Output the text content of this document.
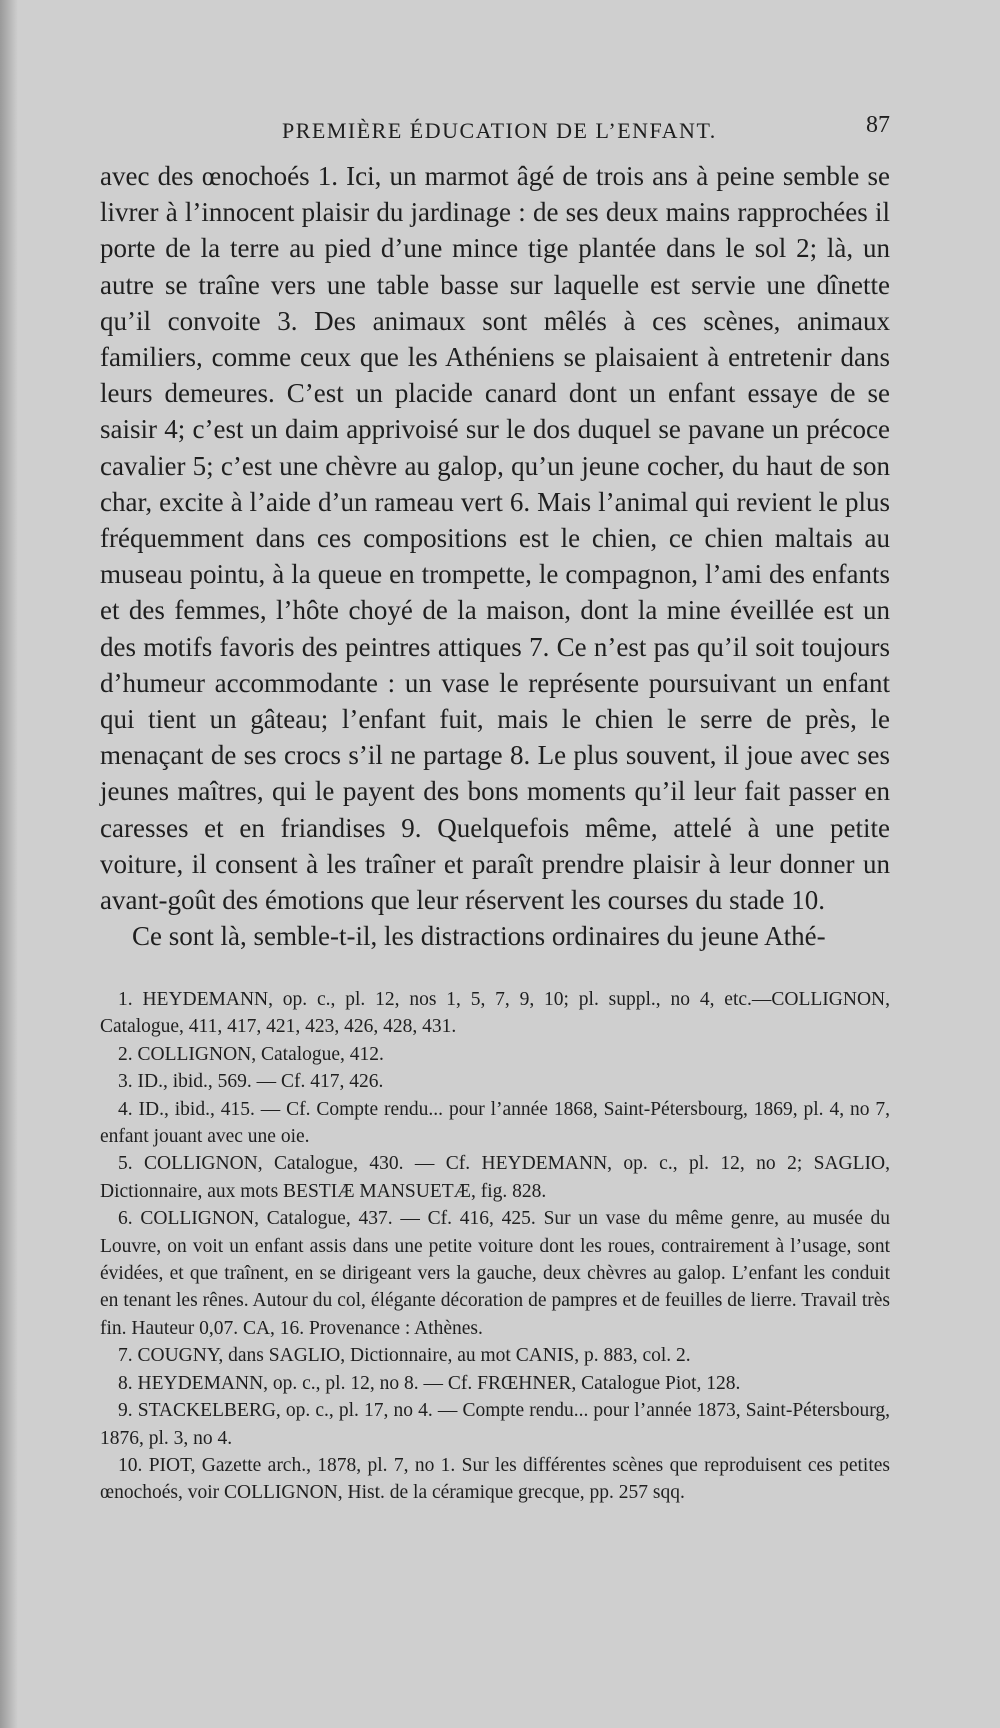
PREMIÈRE ÉDUCATION DE L’ENFANT.	87

avec des œnochoés 1. Ici, un marmot âgé de trois ans à peine semble se livrer à l’innocent plaisir du jardinage : de ses deux mains rapprochées il porte de la terre au pied d’une mince tige plantée dans le sol 2; là, un autre se traîne vers une table basse sur laquelle est servie une dînette qu’il convoite 3. Des animaux sont mêlés à ces scènes, animaux familiers, comme ceux que les Athéniens se plaisaient à entretenir dans leurs demeures. C’est un placide canard dont un enfant essaye de se saisir 4; c’est un daim apprivoisé sur le dos duquel se pavane un précoce cavalier 5; c’est une chèvre au galop, qu’un jeune cocher, du haut de son char, excite à l’aide d’un rameau vert 6. Mais l’animal qui revient le plus fréquemment dans ces compositions est le chien, ce chien maltais au museau pointu, à la queue en trompette, le compagnon, l’ami des enfants et des femmes, l’hôte choyé de la maison, dont la mine éveillée est un des motifs favoris des peintres attiques 7. Ce n’est pas qu’il soit toujours d’humeur accommodante : un vase le représente poursuivant un enfant qui tient un gâteau; l’enfant fuit, mais le chien le serre de près, le menaçant de ses crocs s’il ne partage 8. Le plus souvent, il joue avec ses jeunes maîtres, qui le payent des bons moments qu’il leur fait passer en caresses et en friandises 9. Quelquefois même, attelé à une petite voiture, il consent à les traîner et paraît prendre plaisir à leur donner un avant-goût des émotions que leur réservent les courses du stade 10.

Ce sont là, semble-t-il, les distractions ordinaires du jeune Athé-

1. HEYDEMANN, op. c., pl. 12, nos 1, 5, 7, 9, 10; pl. suppl., no 4, etc.—COLLIGNON, Catalogue, 411, 417, 421, 423, 426, 428, 431.

2. COLLIGNON, Catalogue, 412.

3. ID., ibid., 569. — Cf. 417, 426.

4. ID., ibid., 415. — Cf. Compte rendu... pour l’année 1868, Saint-Pétersbourg, 1869, pl. 4, no 7, enfant jouant avec une oie.

5. COLLIGNON, Catalogue, 430. — Cf. HEYDEMANN, op. c., pl. 12, no 2; SAGLIO, Dictionnaire, aux mots BESTIÆ MANSUETÆ, fig. 828.

6. COLLIGNON, Catalogue, 437. — Cf. 416, 425. Sur un vase du même genre, au musée du Louvre, on voit un enfant assis dans une petite voiture dont les roues, contrairement à l’usage, sont évidées, et que traînent, en se dirigeant vers la gauche, deux chèvres au galop. L’enfant les conduit en tenant les rênes. Autour du col, élégante décoration de pampres et de feuilles de lierre. Travail très fin. Hauteur 0,07. CA, 16. Provenance : Athènes.

7. COUGNY, dans SAGLIO, Dictionnaire, au mot CANIS, p. 883, col. 2.

8. HEYDEMANN, op. c., pl. 12, no 8. — Cf. FRŒHNER, Catalogue Piot, 128.

9. STACKELBERG, op. c., pl. 17, no 4. — Compte rendu... pour l’année 1873, Saint-Pétersbourg, 1876, pl. 3, no 4.

10. PIOT, Gazette arch., 1878, pl. 7, no 1. Sur les différentes scènes que reproduisent ces petites œnochoés, voir COLLIGNON, Hist. de la céramique grecque, pp. 257 sqq.
